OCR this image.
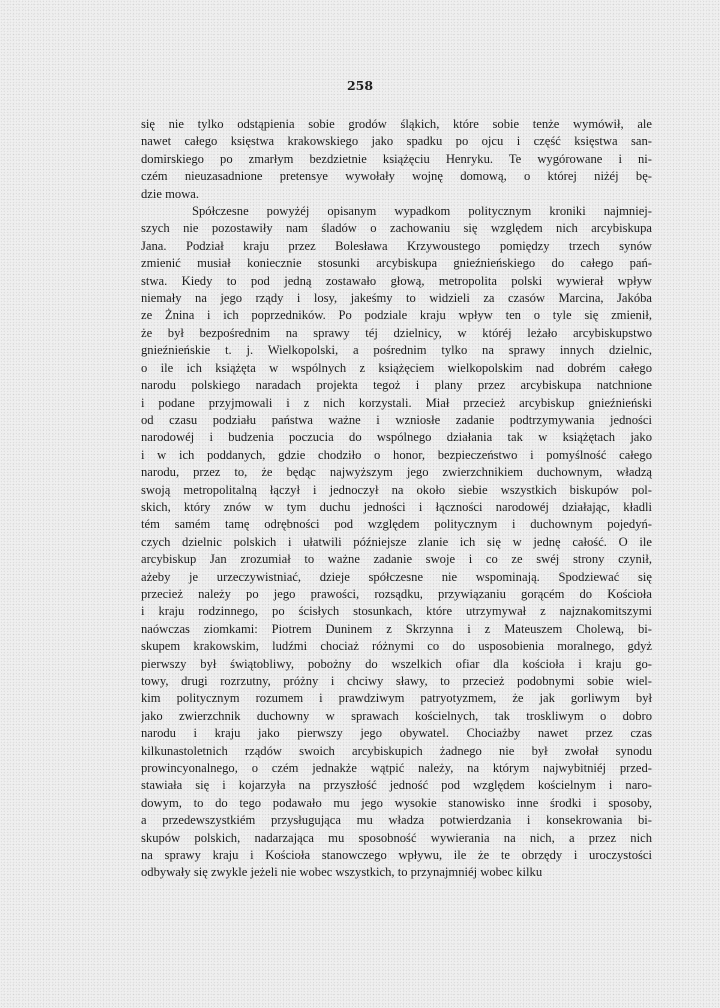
258
się nie tylko odstąpienia sobie grodów śląkich, które sobie tenże wymówił, ale
nawet całego księstwa krakowskiego jako spadku po ojcu i część księstwa san-
domirskiego po zmarłym bezdzietnie książęciu Henryku. Te wygórowane i ni-
czém nieuzasadnione pretensye wywołały wojnę domową, o której niżéj bę-
dzie mowa.
Spółczesne powyżéj opisanym wypadkom politycznym kroniki najmniej-
szych nie pozostawiły nam śladów o zachowaniu się względem nich arcybiskupa
Jana. Podział kraju przez Bolesława Krzywoustego pomiędzy trzech synów
zmienić musiał koniecznie stosunki arcybiskupa gnieźnieńskiego do całego pań-
stwa. Kiedy to pod jedną zostawało głową, metropolita polski wywierał wpływ
niemały na jego rządy i losy, jakeśmy to widzieli za czasów Marcina, Jakóba
ze Żnina i ich poprzedników. Po podziale kraju wpływ ten o tyle się zmienił,
że był bezpośrednim na sprawy téj dzielnicy, w któréj leżało arcybiskupstwo
gnieźnieńskie t. j. Wielkopolski, a pośrednim tylko na sprawy innych dzielnic,
o ile ich książęta w wspólnych z książęciem wielkopolskim nad dobrém całego
narodu polskiego naradach projekta tegoż i plany przez arcybiskupa natchnione
i podane przyjmowali i z nich korzystali. Miał przecież arcybiskup gnieźnieński
od czasu podziału państwa ważne i wzniosłe zadanie podtrzymywania jedności
narodowéj i budzenia poczucia do wspólnego działania tak w książętach jako
i w ich poddanych, gdzie chodziło o honor, bezpieczeństwo i pomyślność całego
narodu, przez to, że będąc najwyższym jego zwierzchnikiem duchownym, władzą
swoją metropolitalną łączył i jednoczył na około siebie wszystkich biskupów pol-
skich, który znów w tym duchu jedności i łączności narodowéj działając, kładli
tém samém tamę odrębności pod względem politycznym i duchownym pojedyń-
czych dzielnic polskich i ułatwili późniejsze zlanie ich się w jednę całość. O ile
arcybiskup Jan zrozumiał to ważne zadanie swoje i co ze swéj strony czynił,
ażeby je urzeczywistniać, dzieje spółczesne nie wspominają. Spodziewać się
przecież należy po jego prawości, rozsądku, przywiązaniu gorącém do Kościoła
i kraju rodzinnego, po ścisłych stosunkach, które utrzymywał z najznakomitszymi
naówczas ziomkami: Piotrem Duninem z Skrzynna i z Mateuszem Cholewą, bi-
skupem krakowskim, ludźmi chociaż różnymi co do usposobienia moralnego, gdyż
pierwszy był świątobliwy, pobożny do wszelkich ofiar dla kościoła i kraju go-
towy, drugi rozrzutny, próżny i chciwy sławy, to przecież podobnymi sobie wiel-
kim politycznym rozumem i prawdziwym patryotyzmem, że jak gorliwym był
jako zwierzchnik duchowny w sprawach kościelnych, tak troskliwym o dobro
narodu i kraju jako pierwszy jego obywatel. Chociażby nawet przez czas
kilkunastoletnich rządów swoich arcybiskupich żadnego nie był zwołał synodu
prowincyonalnego, o czém jednakże wątpić należy, na którym najwybitniéj przed-
stawiała się i kojarzyła na przyszłość jedność pod względem kościelnym i naro-
dowym, to do tego podawało mu jego wysokie stanowisko inne środki i sposoby,
a przedewszystkiém przysługująca mu władza potwierdzania i konsekrowania bi-
skupów polskich, nadarzająca mu sposobność wywierania na nich, a przez nich
na sprawy kraju i Kościoła stanowczego wpływu, ile że te obrzędy i uroczystości
odbywały się zwykle jeżeli nie wobec wszystkich, to przynajmniéj wobec kilku
